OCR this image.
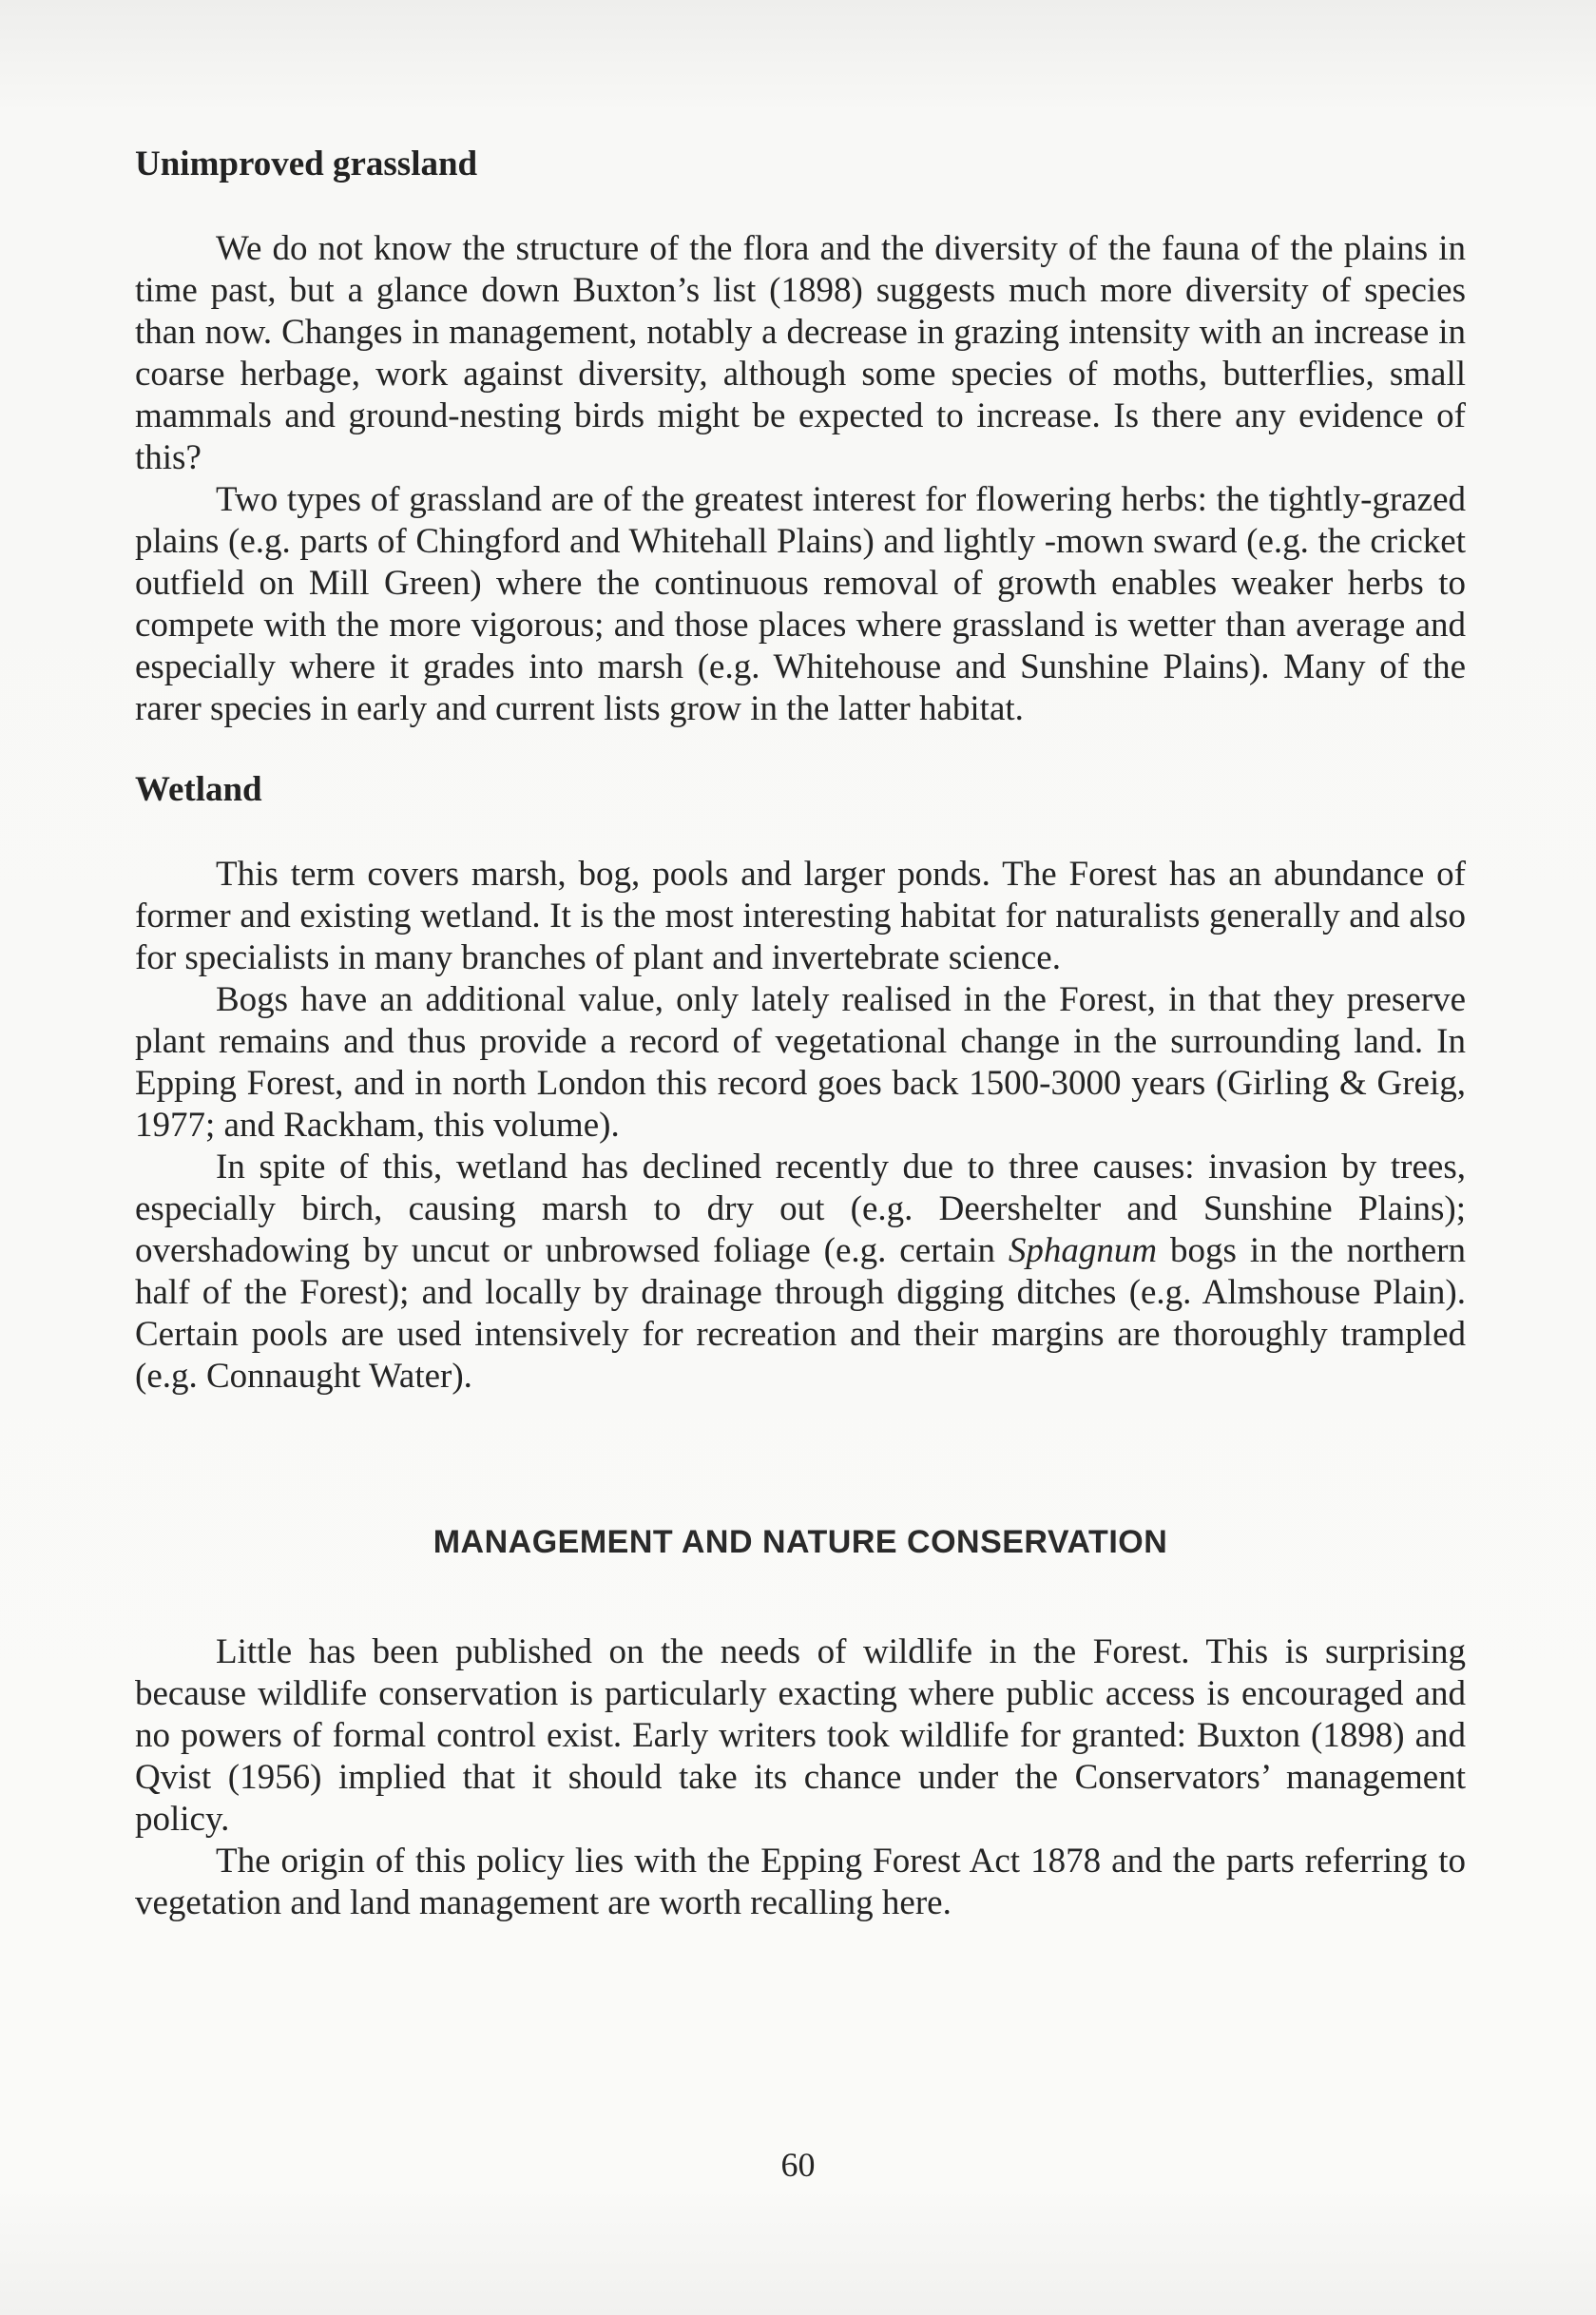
Unimproved grassland

We do not know the structure of the flora and the diversity of the fauna of the plains in time past, but a glance down Buxton’s list (1898) suggests much more diversity of species than now. Changes in management, notably a decrease in grazing intensity with an increase in coarse herbage, work against diversity, although some species of moths, butterflies, small mammals and ground-nesting birds might be expected to increase. Is there any evidence of this?

Two types of grassland are of the greatest interest for flowering herbs: the tightly-grazed plains (e.g. parts of Chingford and Whitehall Plains) and lightly -mown sward (e.g. the cricket outfield on Mill Green) where the continuous removal of growth enables weaker herbs to compete with the more vigorous; and those places where grassland is wetter than average and especially where it grades into marsh (e.g. Whitehouse and Sunshine Plains). Many of the rarer species in early and current lists grow in the latter habitat.

Wetland

This term covers marsh, bog, pools and larger ponds. The Forest has an abundance of former and existing wetland. It is the most interesting habitat for naturalists generally and also for specialists in many branches of plant and invertebrate science.

Bogs have an additional value, only lately realised in the Forest, in that they preserve plant remains and thus provide a record of vegetational change in the surrounding land. In Epping Forest, and in north London this record goes back 1500-3000 years (Girling & Greig, 1977; and Rackham, this volume).

In spite of this, wetland has declined recently due to three causes: invasion by trees, especially birch, causing marsh to dry out (e.g. Deershelter and Sunshine Plains); overshadowing by uncut or unbrowsed foliage (e.g. certain Sphagnum bogs in the northern half of the Forest); and locally by drainage through digging ditches (e.g. Almshouse Plain). Certain pools are used intensively for recreation and their margins are thoroughly trampled (e.g. Connaught Water).

MANAGEMENT AND NATURE CONSERVATION

Little has been published on the needs of wildlife in the Forest. This is surprising because wildlife conservation is particularly exacting where public access is encouraged and no powers of formal control exist. Early writers took wildlife for granted: Buxton (1898) and Qvist (1956) implied that it should take its chance under the Conservators’ management policy.

The origin of this policy lies with the Epping Forest Act 1878 and the parts referring to vegetation and land management are worth recalling here.

60
